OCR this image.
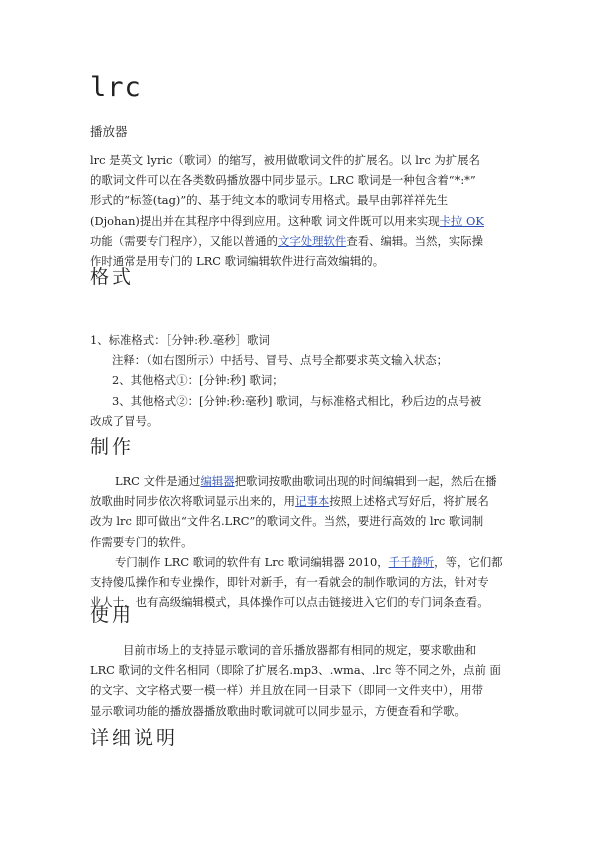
lrc

播放器

lrc 是英文 lyric（歌词）的缩写，被用做歌词文件的扩展名。以 lrc 为扩展名
的歌词文件可以在各类数码播放器中同步显示。LRC 歌词是一种包含着“*:*”
形式的“标签(tag)”的、基于纯文本的歌词专用格式。最早由郭祥祥先生
(Djohan)提出并在其程序中得到应用。这种歌 词文件既可以用来实现卡拉 OK
功能（需要专门程序），又能以普通的文字处理软件查看、编辑。当然，实际操
作时通常是用专门的 LRC 歌词编辑软件进行高效编辑的。
格式
1、标准格式：［分钟:秒.毫秒］歌词
注释：（如右图所示）中括号、冒号、点号全都要求英文输入状态；
2、其他格式①：[分钟:秒] 歌词；
3、其他格式②：[分钟:秒:毫秒] 歌词，与标准格式相比，秒后边的点号被
改成了冒号。
制作
LRC 文件是通过编辑器把歌词按歌曲歌词出现的时间编辑到一起，然后在播
放歌曲时同步依次将歌词显示出来的，用记事本按照上述格式写好后，将扩展名
改为 lrc 即可做出“文件名.LRC”的歌词文件。当然，要进行高效的 lrc 歌词制
作需要专门的软件。
专门制作 LRC 歌词的软件有 Lrc 歌词编辑器 2010，千千静听，等，它们都
支持傻瓜操作和专业操作，即针对新手，有一看就会的制作歌词的方法，针对专
业人士，也有高级编辑模式，具体操作可以点击链接进入它们的专门词条查看。
使用
目前市场上的支持显示歌词的音乐播放器都有相同的规定，要求歌曲和
LRC 歌词的文件名相同（即除了扩展名.mp3、.wma、.lrc 等不同之外，点前 面
的文字、文字格式要一模一样）并且放在同一目录下（即同一文件夹中），用带
显示歌词功能的播放器播放歌曲时歌词就可以同步显示，方便查看和学歌。
详细说明
